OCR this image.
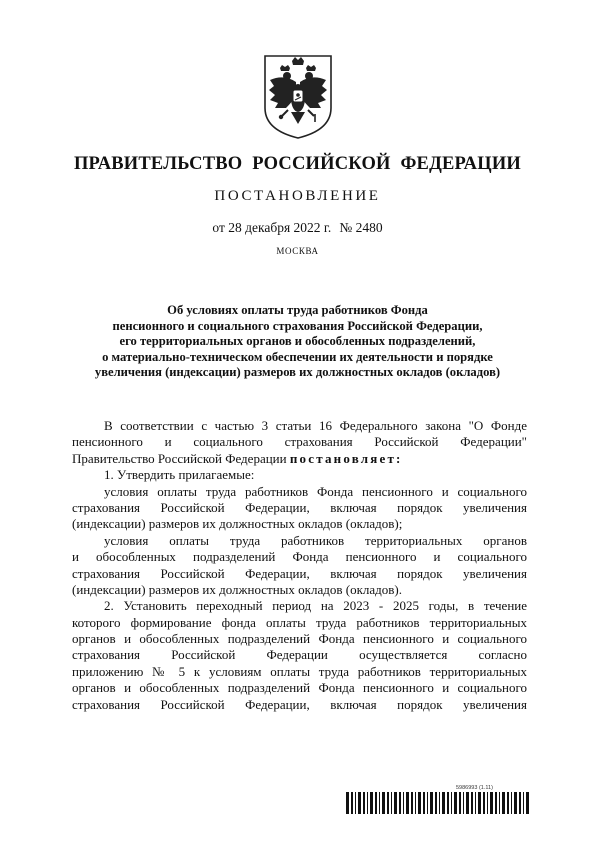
ПРАВИТЕЛЬСТВО РОССИЙСКОЙ ФЕДЕРАЦИИ
ПОСТАНОВЛЕНИЕ
от 28 декабря 2022 г. № 2480
МОСКВА
Об условиях оплаты труда работников Фонда
пенсионного и социального страхования Российской Федерации,
его территориальных органов и обособленных подразделений,
о материально-техническом обеспечении их деятельности и порядке
увеличения (индексации) размеров их должностных окладов (окладов)
В соответствии с частью 3 статьи 16 Федерального закона "О Фонде
пенсионного и социального страхования Российской Федерации"
Правительство Российской Федерации постановляет:
1. Утвердить прилагаемые:
условия оплаты труда работников Фонда пенсионного и социального
страхования Российской Федерации, включая порядок увеличения
(индексации) размеров их должностных окладов (окладов);
условия оплаты труда работников территориальных органов
и обособленных подразделений Фонда пенсионного и социального
страхования Российской Федерации, включая порядок увеличения
(индексации) размеров их должностных окладов (окладов).
2. Установить переходный период на 2023 - 2025 годы, в течение
которого формирование фонда оплаты труда работников территориальных
органов и обособленных подразделений Фонда пенсионного и социального
страхования Российской Федерации осуществляется согласно
приложению № 5 к условиям оплаты труда работников территориальных
органов и обособленных подразделений Фонда пенсионного и социального
страхования Российской Федерации, включая порядок увеличения
5986993 (1.11)
